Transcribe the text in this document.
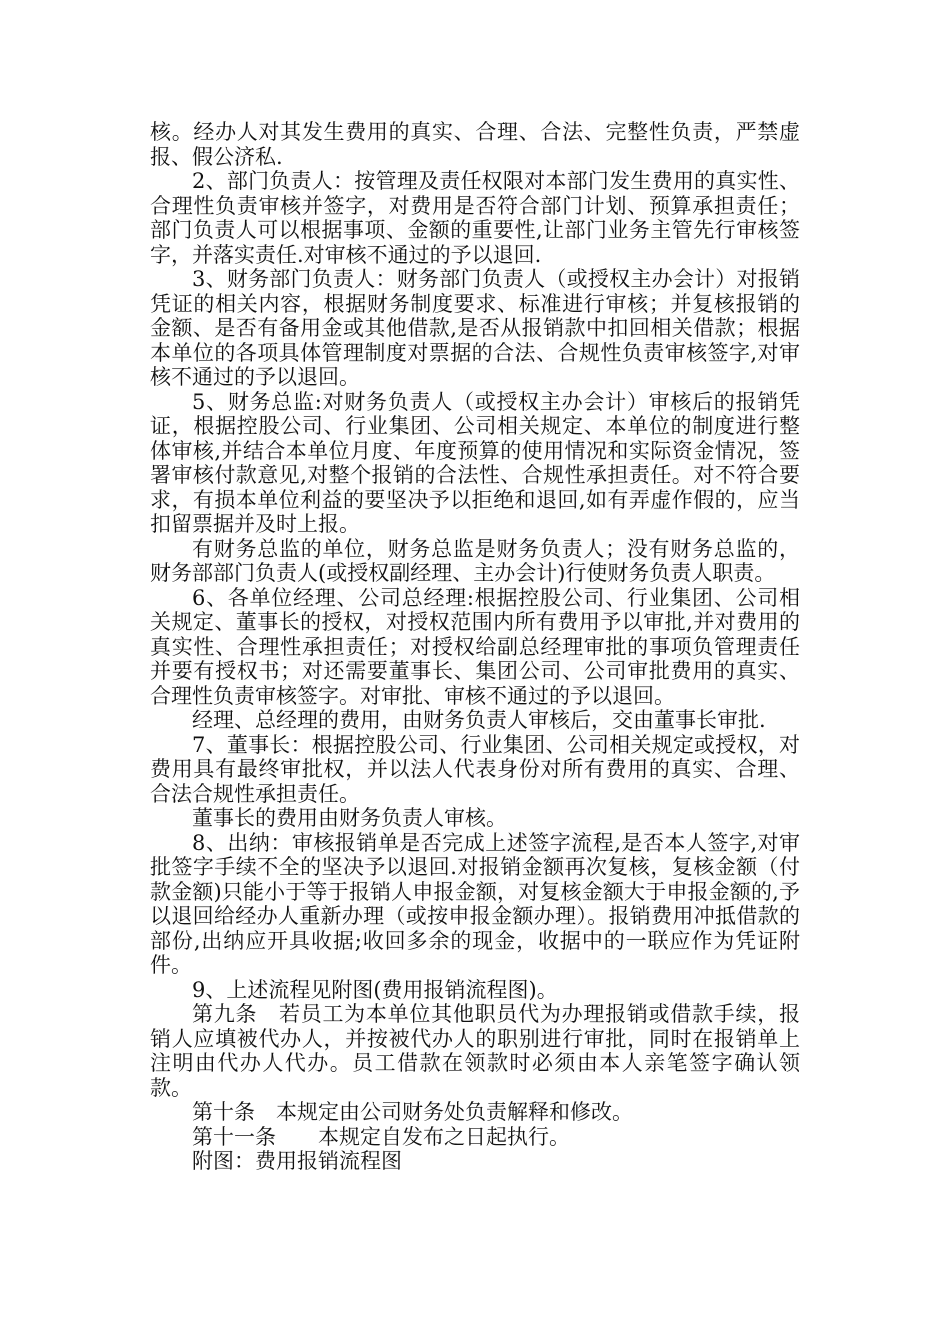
核。经办人对其发生费用的真实、合理、合法、完整性负责，严禁虚报、假公济私.

2、部门负责人：按管理及责任权限对本部门发生费用的真实性、合理性负责审核并签字，对费用是否符合部门计划、预算承担责任；部门负责人可以根据事项、金额的重要性,让部门业务主管先行审核签字，并落实责任.对审核不通过的予以退回.

3、财务部门负责人：财务部门负责人（或授权主办会计）对报销凭证的相关内容，根据财务制度要求、标准进行审核；并复核报销的金额、是否有备用金或其他借款,是否从报销款中扣回相关借款；根据本单位的各项具体管理制度对票据的合法、合规性负责审核签字,对审核不通过的予以退回。

5、财务总监:对财务负责人（或授权主办会计）审核后的报销凭证，根据控股公司、行业集团、公司相关规定、本单位的制度进行整体审核,并结合本单位月度、年度预算的使用情况和实际资金情况，签署审核付款意见,对整个报销的合法性、合规性承担责任。对不符合要求，有损本单位利益的要坚决予以拒绝和退回,如有弄虚作假的，应当扣留票据并及时上报。

有财务总监的单位，财务总监是财务负责人；没有财务总监的，财务部部门负责人(或授权副经理、主办会计)行使财务负责人职责。

6、各单位经理、公司总经理:根据控股公司、行业集团、公司相关规定、董事长的授权，对授权范围内所有费用予以审批,并对费用的真实性、合理性承担责任；对授权给副总经理审批的事项负管理责任并要有授权书；对还需要董事长、集团公司、公司审批费用的真实、合理性负责审核签字。对审批、审核不通过的予以退回。

经理、总经理的费用，由财务负责人审核后，交由董事长审批.

7、董事长：根据控股公司、行业集团、公司相关规定或授权，对费用具有最终审批权，并以法人代表身份对所有费用的真实、合理、合法合规性承担责任。

董事长的费用由财务负责人审核。

8、出纳：审核报销单是否完成上述签字流程,是否本人签字,对审批签字手续不全的坚决予以退回.对报销金额再次复核，复核金额（付款金额)只能小于等于报销人申报金额，对复核金额大于申报金额的,予以退回给经办人重新办理（或按申报金额办理）。报销费用冲抵借款的部份,出纳应开具收据;收回多余的现金，收据中的一联应作为凭证附件。

9、上述流程见附图(费用报销流程图)。

第九条　若员工为本单位其他职员代为办理报销或借款手续，报销人应填被代办人，并按被代办人的职别进行审批，同时在报销单上注明由代办人代办。员工借款在领款时必须由本人亲笔签字确认领款。

第十条　本规定由公司财务处负责解释和修改。

第十一条　　本规定自发布之日起执行。

附图：费用报销流程图
